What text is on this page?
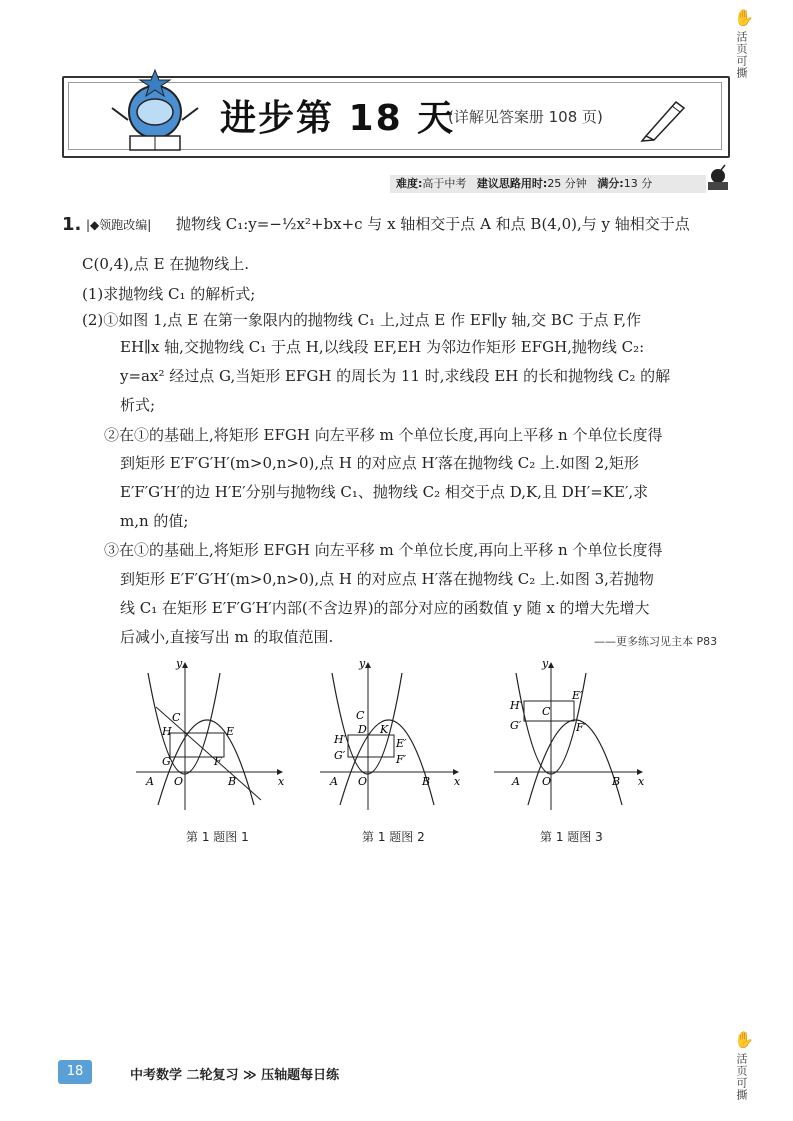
✋
活页可撕
✋
活页可撕
进步第 18 天
(详解见答案册 108 页)
难度:高于中考 建议思路用时:25 分钟 满分:13 分
1. |◆领跑改编| 抛物线 C₁:y=−½x²+bx+c 与 x 轴相交于点 A 和点 B(4,0),与 y 轴相交于点
C(0,4),点 E 在抛物线上.
(1)求抛物线 C₁ 的解析式;
(2)①如图 1,点 E 在第一象限内的抛物线 C₁ 上,过点 E 作 EF∥y 轴,交 BC 于点 F,作
EH∥x 轴,交抛物线 C₁ 于点 H,以线段 EF,EH 为邻边作矩形 EFGH,抛物线 C₂:
y=ax² 经过点 G,当矩形 EFGH 的周长为 11 时,求线段 EH 的长和抛物线 C₂ 的解
析式;
②在①的基础上,将矩形 EFGH 向左平移 m 个单位长度,再向上平移 n 个单位长度得
到矩形 E′F′G′H′(m>0,n>0),点 H 的对应点 H′落在抛物线 C₂ 上.如图 2,矩形
E′F′G′H′的边 H′E′分别与抛物线 C₁、抛物线 C₂ 相交于点 D,K,且 DH′=KE′,求
m,n 的值;
③在①的基础上,将矩形 EFGH 向左平移 m 个单位长度,再向上平移 n 个单位长度得
到矩形 E′F′G′H′(m>0,n>0),点 H 的对应点 H′落在抛物线 C₂ 上.如图 3,若抛物
线 C₁ 在矩形 E′F′G′H′内部(不含边界)的部分对应的函数值 y 随 x 的增大先增大
后减小,直接写出 m 的取值范围.	——更多练习见主本 P83
y
C
H	E
G	F
A O	B	x
第 1 题图 1
y
C
H′
D K
E′
G′	F′
A O	B x
第 1 题图 2
y
H′
E′
C
G′	F′
A O	B x
第 1 题图 3
18	中考数学 二轮复习 ≫ 压轴题每日练
